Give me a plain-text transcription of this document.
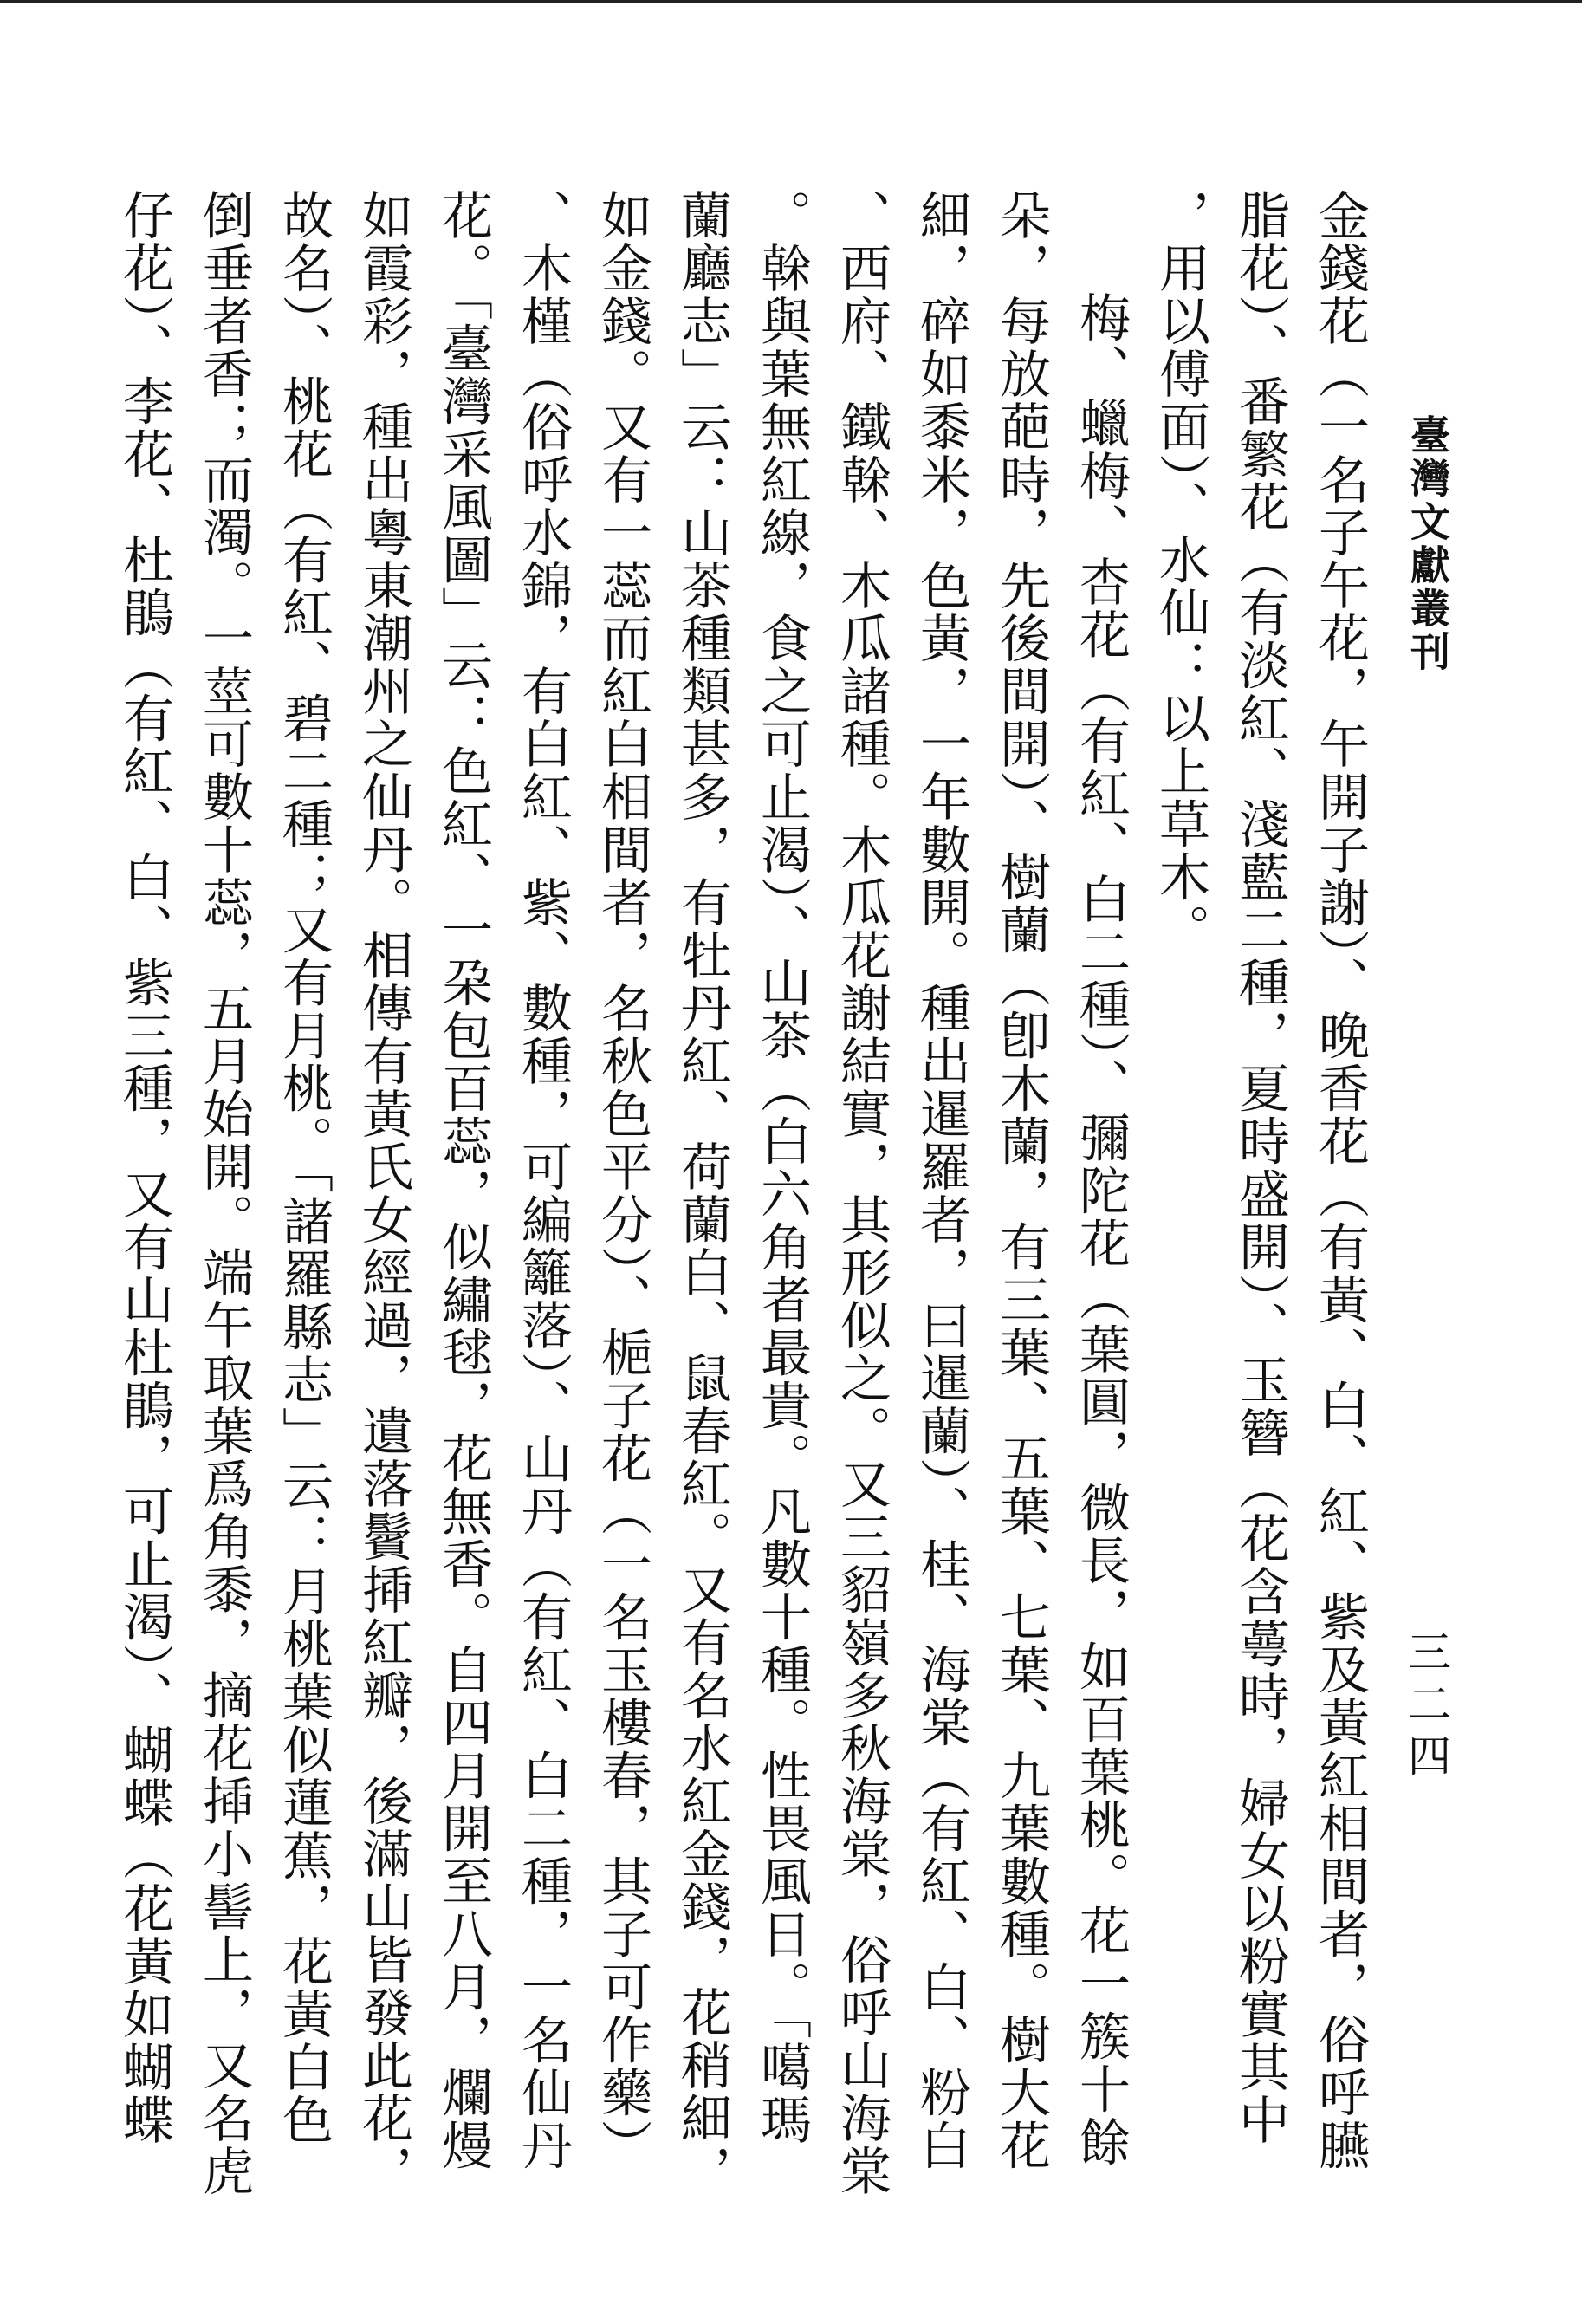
臺灣文獻叢刊
三二四
金錢花（一名子午花，午開子謝）、晚香花（有黃、白、紅、紫及黃紅相間者，俗呼臙
脂花）、番繁花（有淡紅、淺藍二種，夏時盛開）、玉簪（花含蕚時，婦女以粉實其中
，用以傅面）、水仙：以上草木。
梅、蠟梅、杏花（有紅、白二種）、彌陀花（葉圓，微長，如百葉桃。花一簇十餘
朵，每放葩時，先後間開）、樹蘭（卽木蘭，有三葉、五葉、七葉、九葉數種。樹大花
細，碎如黍米，色黃，一年數開。種出暹羅者，曰暹蘭）、桂、海棠（有紅、白、粉白
、西府、鐵榦、木瓜諸種。木瓜花謝結實，其形似之。又三貂嶺多秋海棠，俗呼山海棠
。榦與葉無紅線，食之可止渴）、山茶（白六角者最貴。凡數十種。性畏風日。「噶瑪
蘭廳志」云：山茶種類甚多，有牡丹紅、荷蘭白、鼠春紅。又有名水紅金錢，花稍細，
如金錢。又有一蕊而紅白相間者，名秋色平分）、梔子花（一名玉樓春，其子可作藥）
、木槿（俗呼水錦，有白紅、紫、數種，可編籬落）、山丹（有紅、白二種，一名仙丹
花。「臺灣采風圖」云：色紅、一朶包百蕊，似繡毬，花無香。自四月開至八月，爛熳
如霞彩，種出粵東潮州之仙丹。相傳有黃氏女經過，遺落鬢揷紅瓣，後滿山皆發此花，
故名）、桃花（有紅、碧二種；又有月桃。「諸羅縣志」云：月桃葉似蓮蕉，花黃白色
倒垂者香；而濁。一莖可數十蕊，五月始開。端午取葉爲角黍，摘花揷小髻上，又名虎
仔花）、李花、杜鵑（有紅、白、紫三種，又有山杜鵑，可止渴）、蝴蝶（花黃如蝴蝶
